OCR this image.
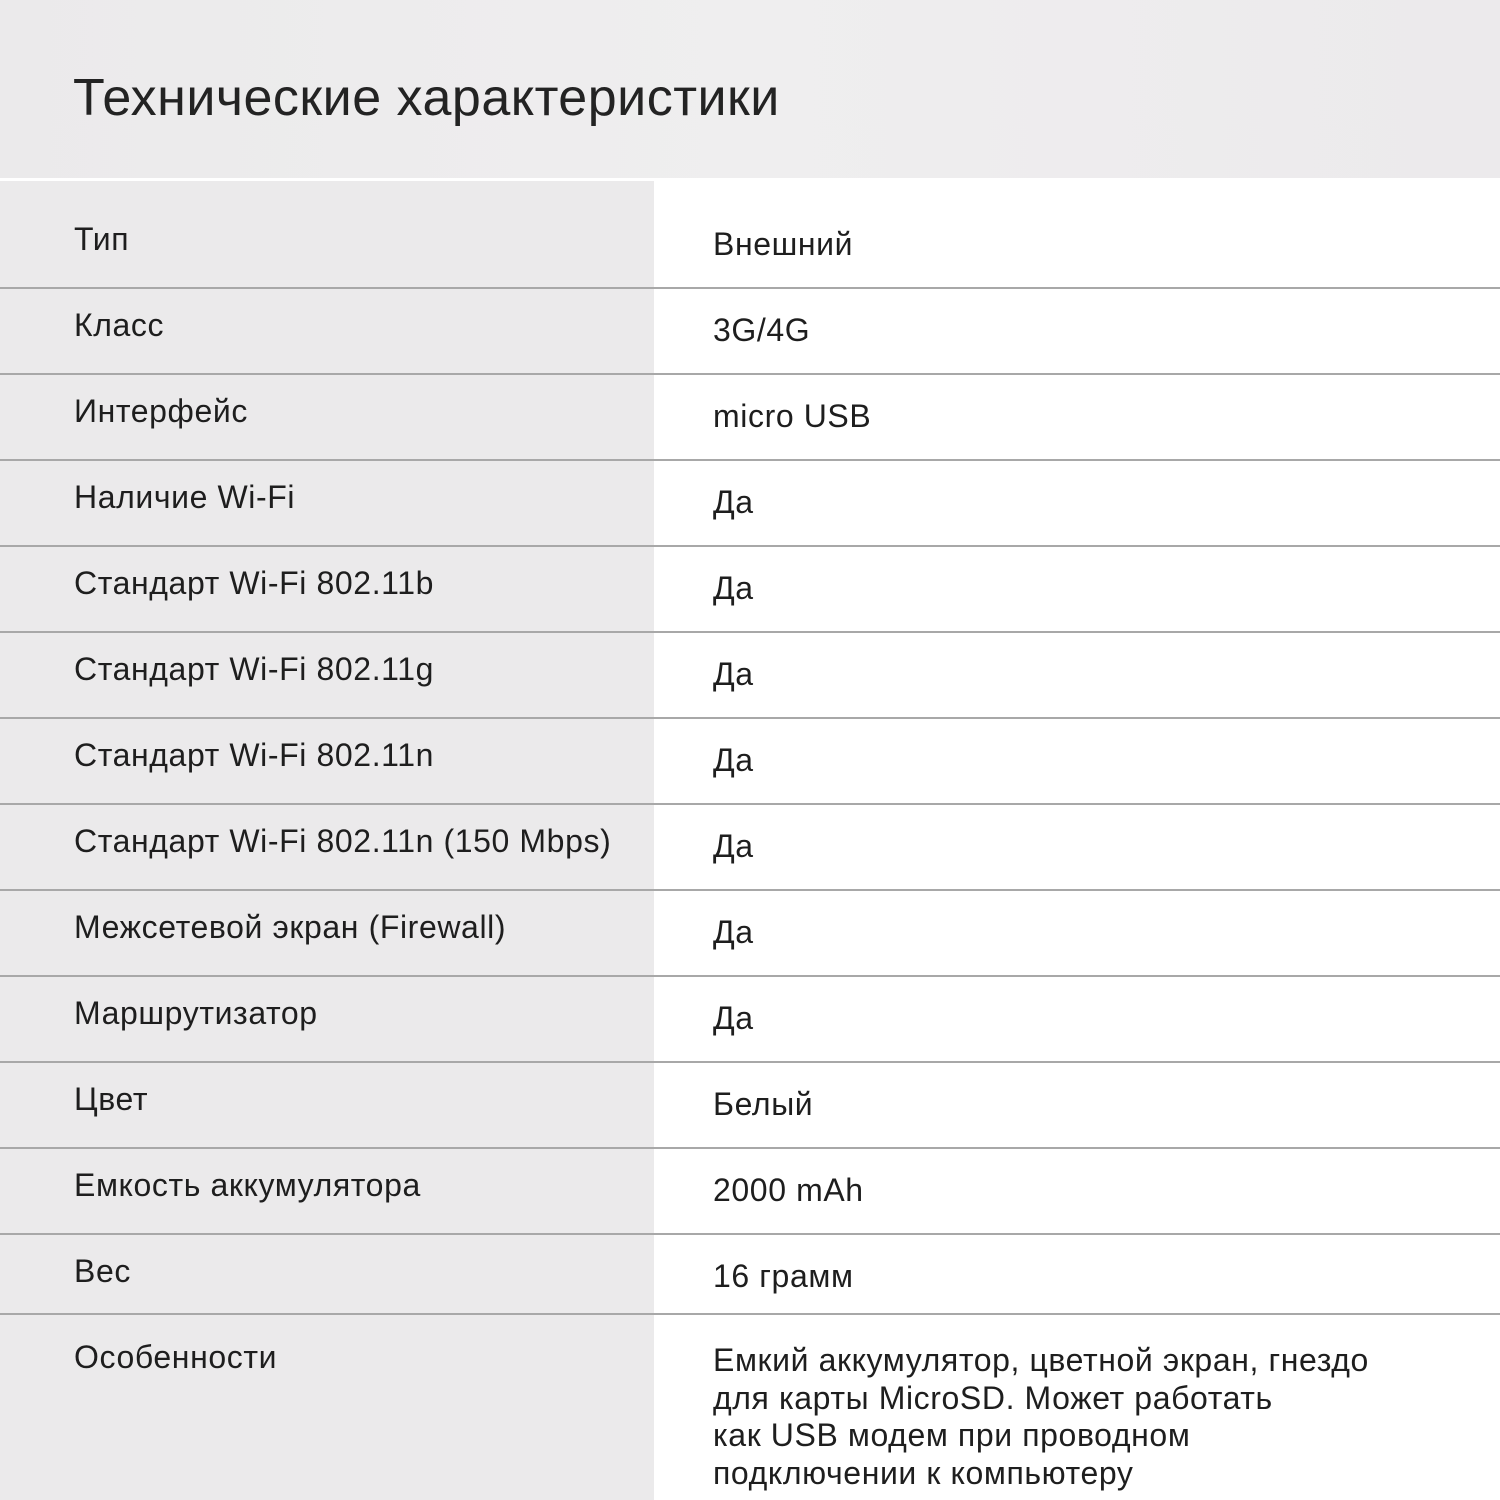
Технические характеристики
Тип	Внешний
Класс	3G/4G
Интерфейс	micro USB
Наличие Wi-Fi	Да
Стандарт Wi-Fi 802.11b	Да
Стандарт Wi-Fi 802.11g	Да
Стандарт Wi-Fi 802.11n	Да
Стандарт Wi-Fi 802.11n (150 Mbps)	Да
Межсетевой экран (Firewall)	Да
Маршрутизатор	Да
Цвет	Белый
Емкость аккумулятора	2000 mAh
Вес	16 грамм
Особенности	Емкий аккумулятор, цветной экран, гнездо
для карты MicroSD. Может работать
как USB модем при проводном
подключении к компьютеру
